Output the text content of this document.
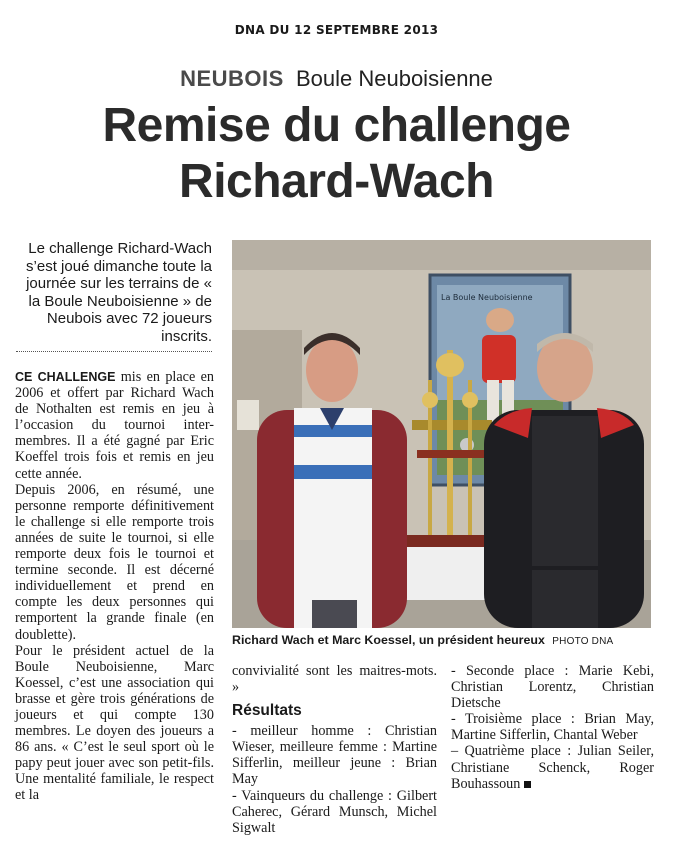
DNA DU 12 SEPTEMBRE 2013
NEUBOIS Boule Neuboisienne
Remise du challenge
Richard-Wach
Le challenge Richard-Wach s’est joué dimanche toute la journée sur les terrains de « la Boule Neuboisienne » de Neubois avec 72 joueurs inscrits.

CE CHALLENGE mis en place en 2006 et offert par Richard Wach de Nothalten est remis en jeu à l’occasion du tournoi inter-membres. Il a été gagné par Eric Koeffel trois fois et remis en jeu cette année.

Depuis 2006, en résumé, une personne remporte définitivement le challenge si elle remporte trois années de suite le tournoi, si elle remporte deux fois le tournoi et termine seconde. Il est décerné individuellement et prend en compte les deux personnes qui remportent la grande finale (en doublette).

Pour le président actuel de la Boule Neuboisienne, Marc Koessel, c’est une association qui brasse et gère trois générations de joueurs et qui compte 130 membres. Le doyen des joueurs a 86 ans. « C’est le seul sport où le papy peut jouer avec son petit-fils. Une mentalité familiale, le respect et la

La Boule Neuboisienne
Richard Wach et Marc Koessel, un président heureux PHOTO DNA

convivialité sont les maitres-mots. »

Résultats

- meilleur homme : Christian Wieser, meilleure femme : Martine Sifferlin, meilleur jeune : Brian May

- Vainqueurs du challenge : Gilbert Caherec, Gérard Munsch, Michel Sigwalt

- Seconde place : Marie Kebi, Christian Lorentz, Christian Dietsche

- Troisième place : Brian May, Martine Sifferlin, Chantal Weber

– Quatrième place : Julian Seiler, Christiane Schenck, Roger Bouhassoun
